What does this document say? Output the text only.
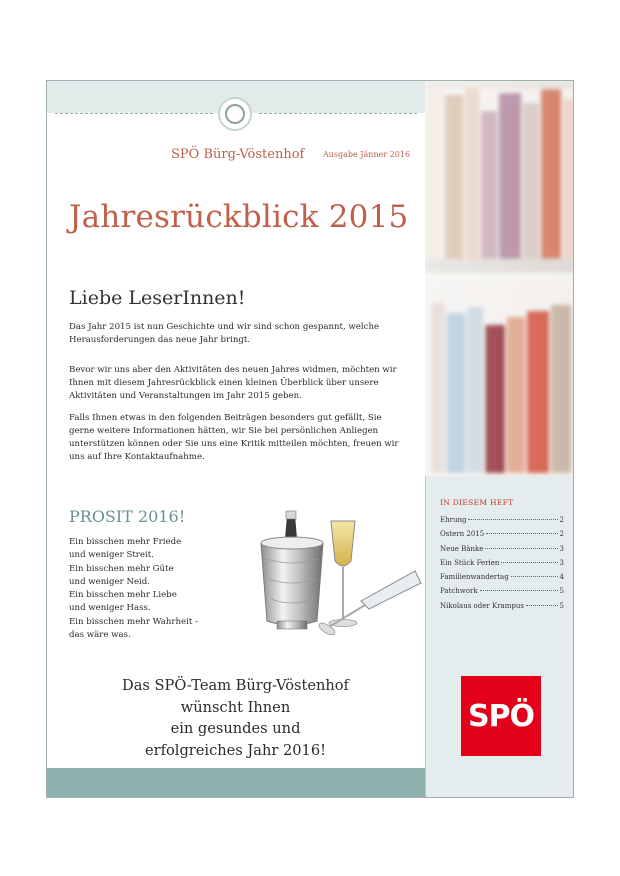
SPÖ Bürg-Vöstenhof Ausgabe Jänner 2016
Jahresrückblick 2015
Liebe LeserInnen!

Das Jahr 2015 ist nun Geschichte und wir sind schon gespannt, welche Herausforderungen das neue Jahr bringt.

Bevor wir uns aber den Aktivitäten des neuen Jahres widmen, möchten wir Ihnen mit diesem Jahresrückblick einen kleinen Überblick über unsere Aktivitäten und Veranstaltungen im Jahr 2015 geben.

Falls Ihnen etwas in den folgenden Beiträgen besonders gut gefällt, Sie gerne weitere Informationen hätten, wir Sie bei persönlichen Anliegen unterstützen können oder Sie uns eine Kritik mitteilen möchten, freuen wir uns auf Ihre Kontaktaufnahme.

PROSIT 2016!

Ein bisschen mehr Friede
und weniger Streit.
Ein bisschen mehr Güte
und weniger Neid.
Ein bisschen mehr Liebe
und weniger Hass.
Ein bisschen mehr Wahrheit -
das wäre was.

Das SPÖ-Team Bürg-Vöstenhof
wünscht Ihnen
ein gesundes und
erfolgreiches Jahr 2016!

IN DIESEM HEFT
Ehrung	2
Ostern 2015	2
Neue Bänke	3
Ein Stück Ferien	3
Familienwandertag	4
Patchwork	5
Nikolaus oder Krampus	5
SPÖ
